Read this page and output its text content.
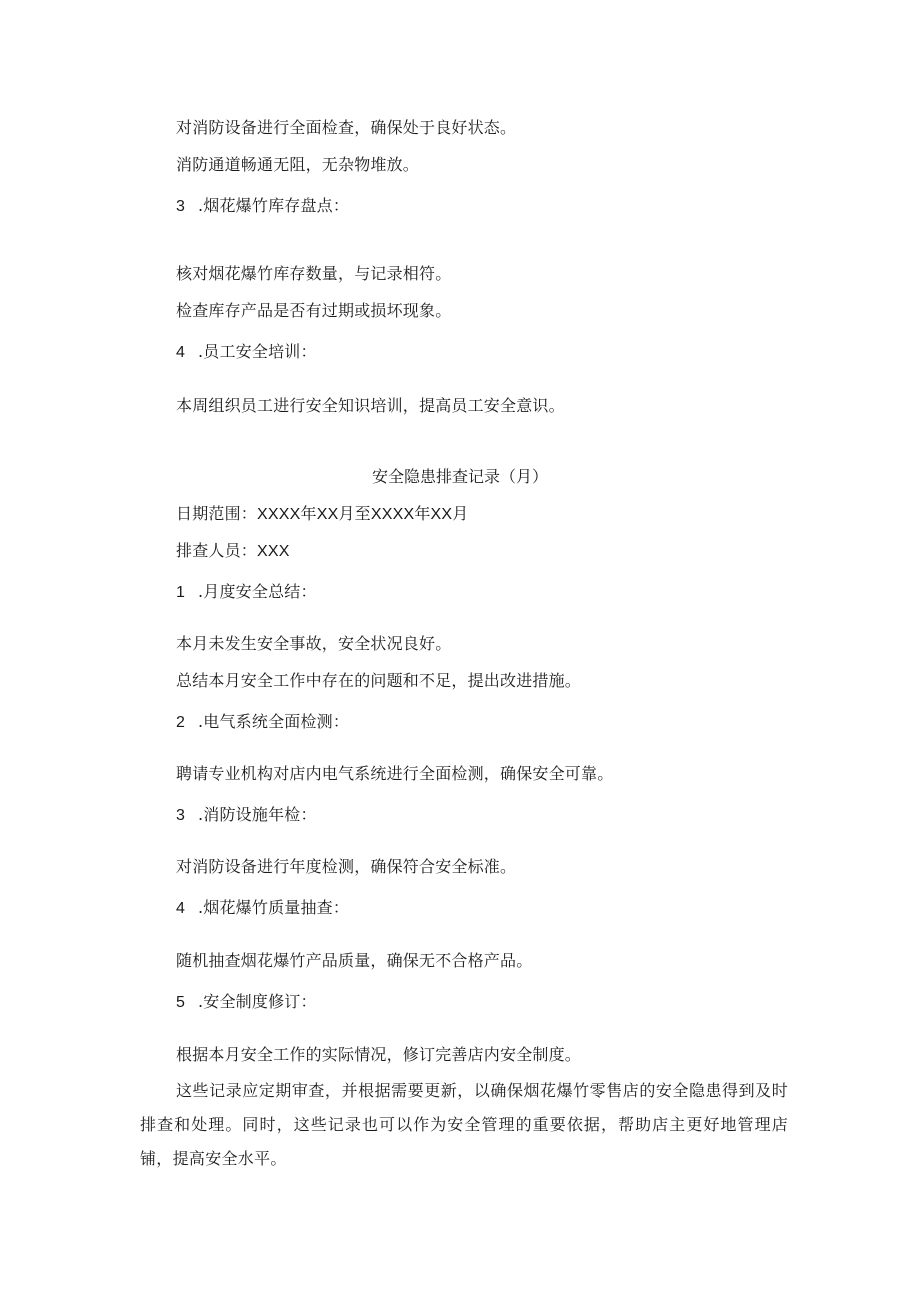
对消防设备进行全面检查，确保处于良好状态。
消防通道畅通无阻，无杂物堆放。
3 .烟花爆竹库存盘点：
核对烟花爆竹库存数量，与记录相符。
检查库存产品是否有过期或损坏现象。
4 .员工安全培训：
本周组织员工进行安全知识培训，提高员工安全意识。
安全隐患排查记录（月）
日期范围：XXXX年XX月至XXXX年XX月
排查人员：XXX
1 .月度安全总结：
本月未发生安全事故，安全状况良好。
总结本月安全工作中存在的问题和不足，提出改进措施。
2 .电气系统全面检测：
聘请专业机构对店内电气系统进行全面检测，确保安全可靠。
3 .消防设施年检：
对消防设备进行年度检测，确保符合安全标准。
4 .烟花爆竹质量抽查：
随机抽查烟花爆竹产品质量，确保无不合格产品。
5 .安全制度修订：
根据本月安全工作的实际情况，修订完善店内安全制度。
这些记录应定期审查，并根据需要更新，以确保烟花爆竹零售店的安全隐患得到及时排查和处理。同时，这些记录也可以作为安全管理的重要依据，帮助店主更好地管理店铺，提高安全水平。
